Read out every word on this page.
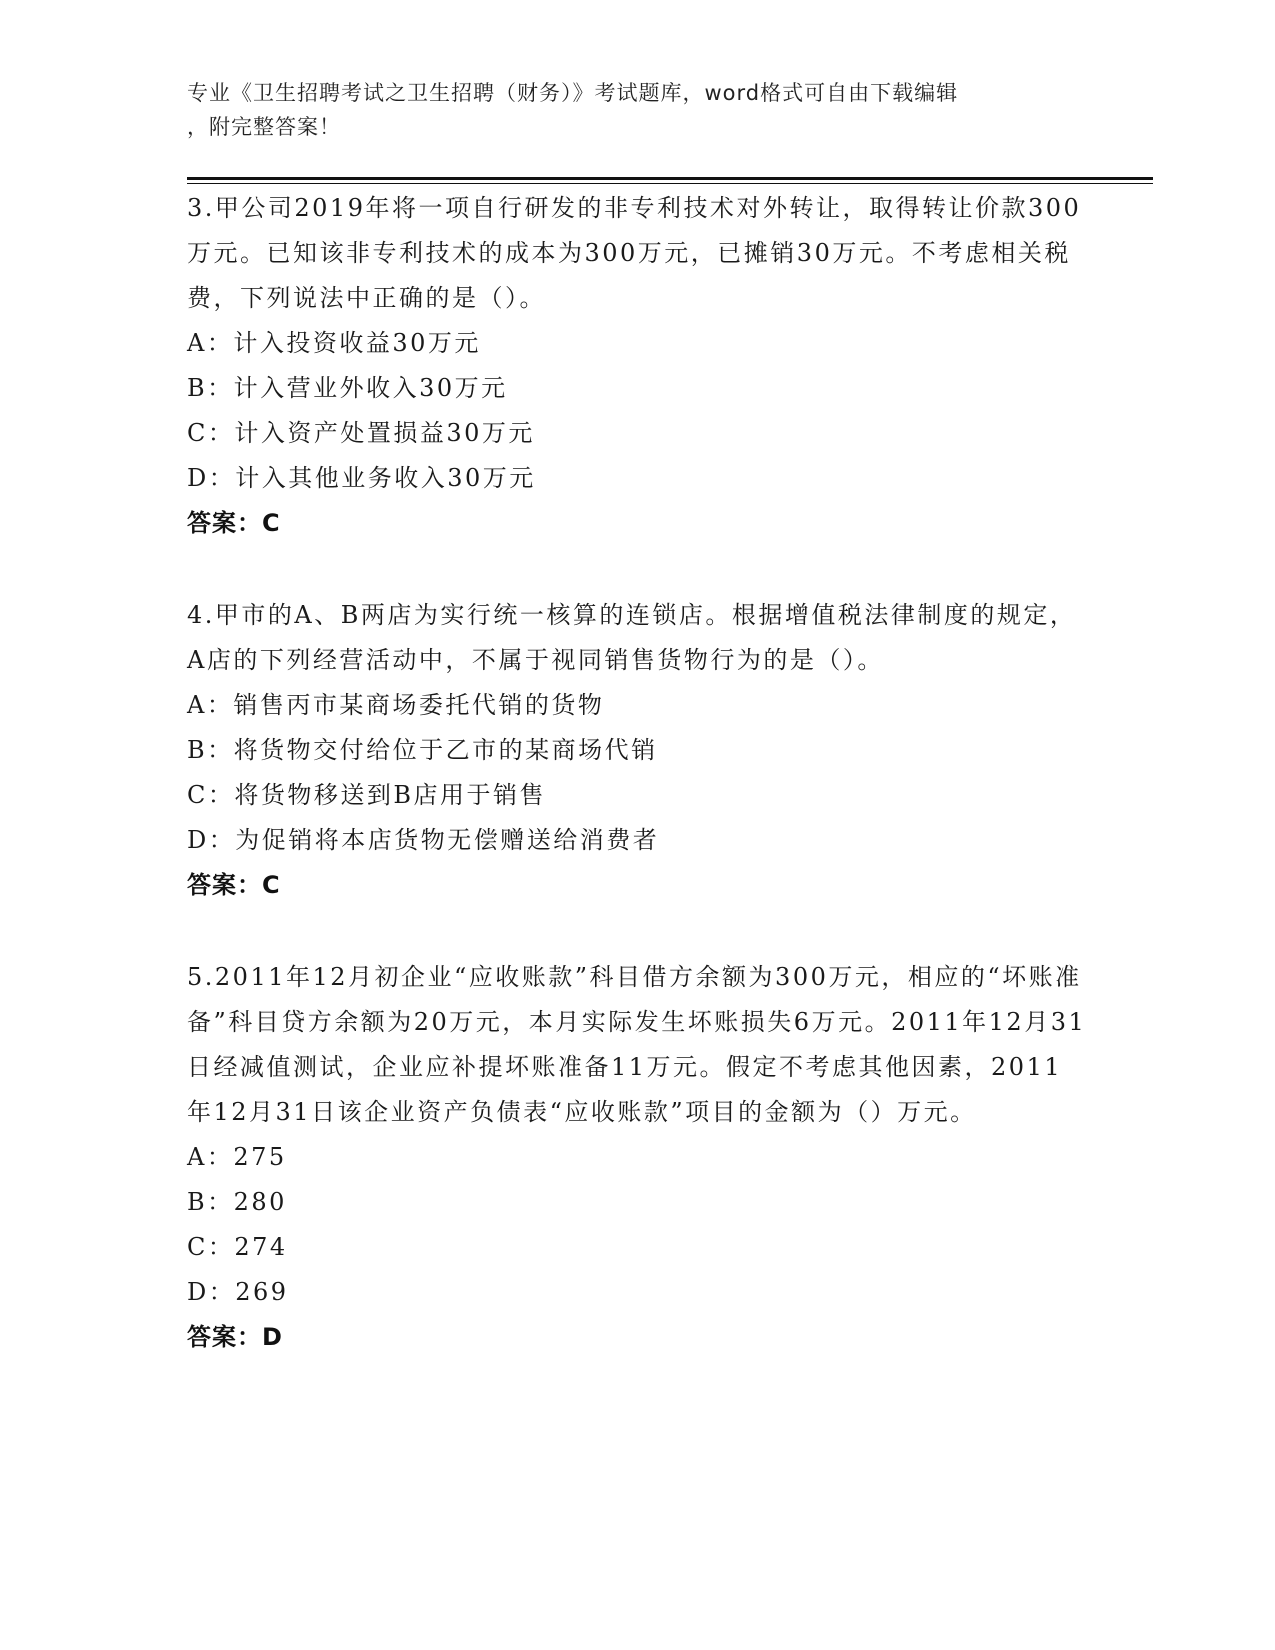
专业《卫生招聘考试之卫生招聘（财务）》考试题库，word格式可自由下载编辑
，附完整答案！
3.甲公司2019年将一项自行研发的非专利技术对外转让，取得转让价款300万元。已知该非专利技术的成本为300万元，已摊销30万元。不考虑相关税费，下列说法中正确的是（）。
A：计入投资收益30万元
B：计入营业外收入30万元
C：计入资产处置损益30万元
D：计入其他业务收入30万元
答案：C
4.甲市的A、B两店为实行统一核算的连锁店。根据增值税法律制度的规定，A店的下列经营活动中，不属于视同销售货物行为的是（）。
A：销售丙市某商场委托代销的货物
B：将货物交付给位于乙市的某商场代销
C：将货物移送到B店用于销售
D：为促销将本店货物无偿赠送给消费者
答案：C
5.2011年12月初企业“应收账款”科目借方余额为300万元，相应的“坏账准备”科目贷方余额为20万元，本月实际发生坏账损失6万元。2011年12月31日经减值测试，企业应补提坏账准备11万元。假定不考虑其他因素，2011年12月31日该企业资产负债表“应收账款”项目的金额为（）万元。
A：275
B：280
C：274
D：269
答案：D
